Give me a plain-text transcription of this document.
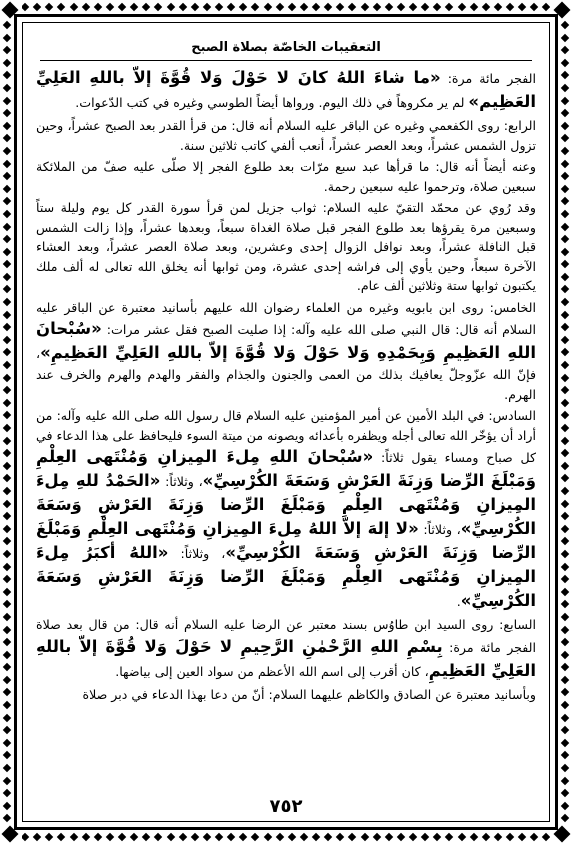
التعقيبات الخاصّة بصلاة الصبح

الفجر مائة مرة: «ما شاءَ اللهُ كانَ لا حَوْلَ وَلا قُوَّةَ إلاّ باللهِ العَلِيِّ العَظِيم» لم ير مكروهاً في ذلك اليوم. ورواها أيضاً الطوسي وغيره في كتب الدّعوات.

الرابع: روى الكفعمي وغيره عن الباقر عليه السلام أنه قال: من قرأ القدر بعد الصبح عشراً، وحين تزول الشمس عشراً، وبعد العصر عشراً، أنعب ألفي كاتب ثلاثين سنة.

وعنه أيضاً أنه قال: ما قرأها عبد سبع مرّات بعد طلوع الفجر إلا صلّى عليه صفّ من الملائكة سبعين صلاة، وترحموا عليه سبعين رحمة.

وقد رُوي عن محمّد التقيّ عليه السلام: ثواب جزيل لمن قرأ سورة القدر كل يوم وليلة ستاً وسبعين مرة يقرؤها بعد طلوع الفجر قبل صلاة الغداة سبعاً، وبعدها عشراً، وإذا زالت الشمس قبل النافلة عشراً، وبعد نوافل الزوال إحدى وعشرين، وبعد صلاة العصر عشراً، وبعد العشاء الآخرة سبعاً، وحين يأوي إلى فراشه إحدى عشرة، ومن ثوابها أنه يخلق الله تعالى له ألف ملك يكتبون ثوابها ستة وثلاثين ألف عام.

الخامس: روى ابن بابويه وغيره من العلماء رضوان الله عليهم بأسانيد معتبرة عن الباقر عليه السلام أنه قال: قال النبي صلى الله عليه وآله: إذا صليت الصبح فقل عشر مرات: «سُبْحانَ اللهِ العَظِيمِ وَبِحَمْدِهِ وَلا حَوْلَ وَلا قُوَّةَ إلاّ باللهِ العَلِيِّ العَظِيمِ»، فإنّ الله عزّوجلّ يعافيك بذلك من العمى والجنون والجذام والفقر والهدم والهرم والخرف عند الهرم.

السادس: في البلد الأمين عن أمير المؤمنين عليه السلام قال رسول الله صلى الله عليه وآله: من أراد أن يؤخّر الله تعالى أجله ويظفره بأعدائه ويصونه من ميتة السوء فليحافظ على هذا الدعاء في كل صباح ومساء يقول ثلاثاً: «سُبْحانَ اللهِ مِلءَ المِيزانِ وَمُنْتَهى العِلْمِ وَمَبْلَغَ الرِّضا وَزِنَةَ العَرْشِ وَسَعَةَ الكُرْسِيِّ»، وثلاثاً: «الحَمْدُ للهِ مِلءَ المِيزانِ وَمُنْتَهى العِلْمِ وَمَبْلَغَ الرِّضا وَزِنَةَ العَرْشِ وَسَعَةَ الكُرْسِيِّ»، وثلاثاً: «لا إلهَ إلاّ اللهُ مِلءَ المِيزانِ وَمُنْتَهى العِلْمِ وَمَبْلَغَ الرِّضا وَزِنَةَ العَرْشِ وَسَعَةَ الكُرْسِيِّ»، وثلاثاً: «اللهُ أكبَرُ مِلءَ المِيزانِ وَمُنْتَهى العِلْمِ وَمَبْلَغَ الرِّضا وَزِنَةَ العَرْشِ وَسَعَةَ الكُرْسِيِّ».

السابع: روى السيد ابن طاوُس بسند معتبر عن الرضا عليه السلام أنه قال: من قال بعد صلاة الفجر مائة مرة: بِسْمِ اللهِ الرَّحْمٰنِ الرَّحِيمِ لا حَوْلَ وَلا قُوَّةَ إلاّ باللهِ العَلِيِّ العَظِيمِ، كان أقرب إلى اسم الله الأعظم من سواد العين إلى بياضها.

وبأسانيد معتبرة عن الصادق والكاظم عليهما السلام: أنّ من دعا بهذا الدعاء في دبر صلاة

٧٥٢
